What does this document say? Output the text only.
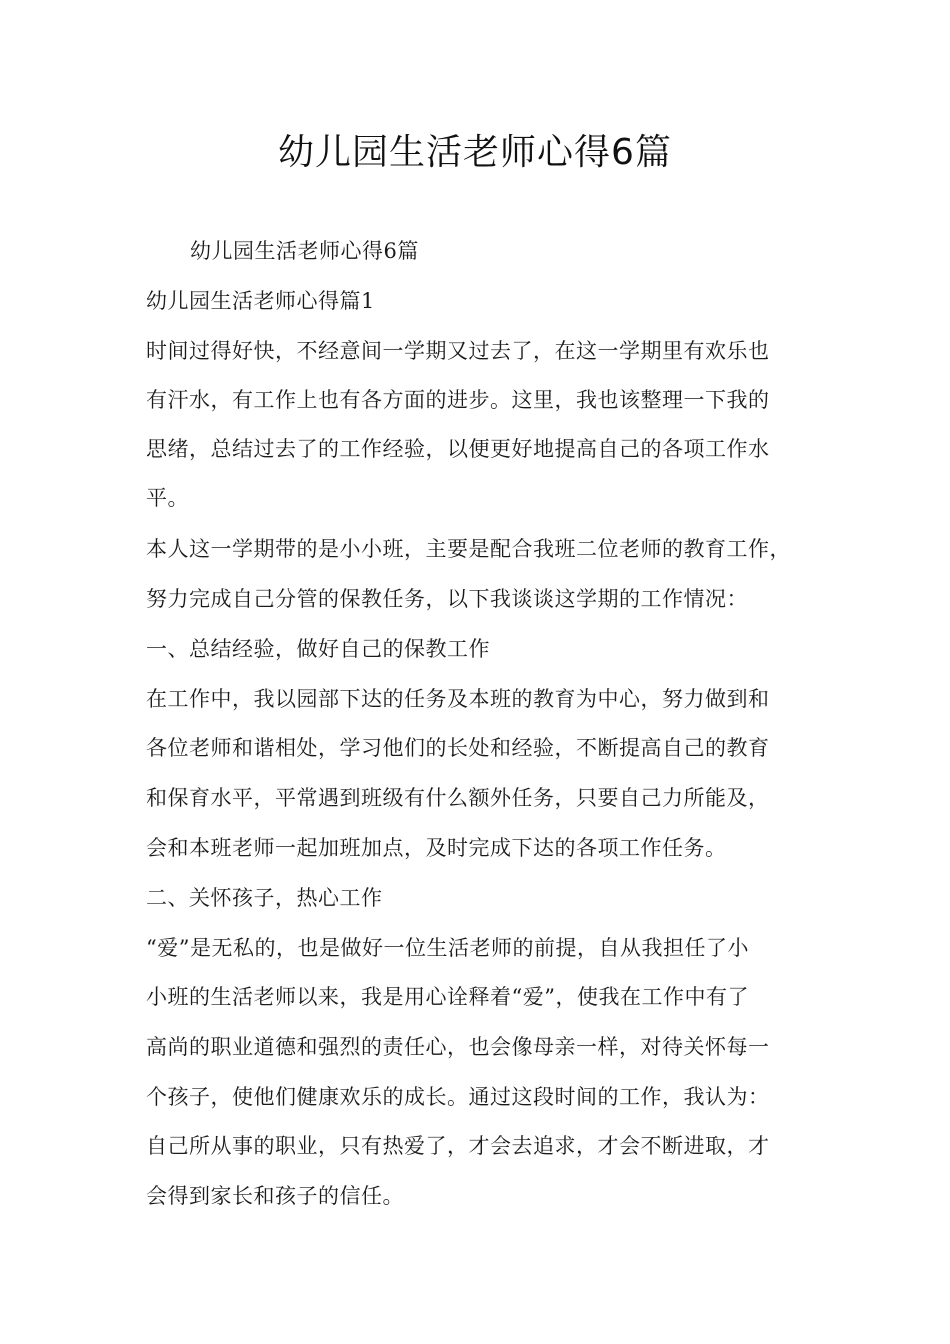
幼儿园生活老师心得6篇
幼儿园生活老师心得6篇
幼儿园生活老师心得篇1
时间过得好快，不经意间一学期又过去了，在这一学期里有欢乐也
有汗水，有工作上也有各方面的进步。这里，我也该整理一下我的
思绪，总结过去了的工作经验，以便更好地提高自己的各项工作水
平。
本人这一学期带的是小小班，主要是配合我班二位老师的教育工作，
努力完成自己分管的保教任务，以下我谈谈这学期的工作情况：
一、总结经验，做好自己的保教工作
在工作中，我以园部下达的任务及本班的教育为中心，努力做到和
各位老师和谐相处，学习他们的长处和经验，不断提高自己的教育
和保育水平，平常遇到班级有什么额外任务，只要自己力所能及，
会和本班老师一起加班加点，及时完成下达的各项工作任务。
二、关怀孩子，热心工作
“爱”是无私的，也是做好一位生活老师的前提，自从我担任了小
小班的生活老师以来，我是用心诠释着“爱”，使我在工作中有了
高尚的职业道德和强烈的责任心，也会像母亲一样，对待关怀每一
个孩子，使他们健康欢乐的成长。通过这段时间的工作，我认为：
自己所从事的职业，只有热爱了，才会去追求，才会不断进取，才
会得到家长和孩子的信任。
